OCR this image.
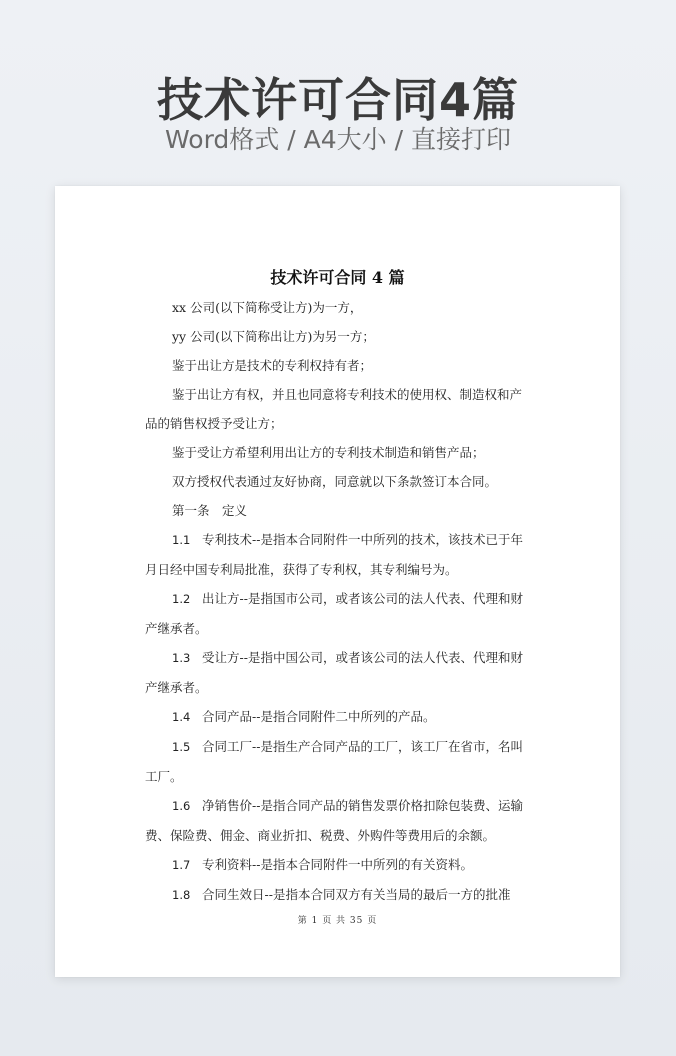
技术许可合同4篇
Word格式 / A4大小 / 直接打印
技术许可合同 4 篇

xx 公司(以下简称受让方)为一方，

yy 公司(以下简称出让方)为另一方；

鉴于出让方是技术的专利权持有者；

鉴于出让方有权，并且也同意将专利技术的使用权、制造权和产
品的销售权授予受让方；

鉴于受让方希望利用出让方的专利技术制造和销售产品；

双方授权代表通过友好协商，同意就以下条款签订本合同。

第一条　定义

1.1 专利技术--是指本合同附件一中所列的技术，该技术已于年
月日经中国专利局批准，获得了专利权，其专利编号为。

1.2 出让方--是指国市公司，或者该公司的法人代表、代理和财
产继承者。

1.3 受让方--是指中国公司，或者该公司的法人代表、代理和财
产继承者。

1.4 合同产品--是指合同附件二中所列的产品。

1.5 合同工厂--是指生产合同产品的工厂，该工厂在省市，名叫
工厂。

1.6 净销售价--是指合同产品的销售发票价格扣除包装费、运输
费、保险费、佣金、商业折扣、税费、外购件等费用后的余额。

1.7 专利资料--是指本合同附件一中所列的有关资料。

1.8 合同生效日--是指本合同双方有关当局的最后一方的批准

第 1 页 共 35 页
